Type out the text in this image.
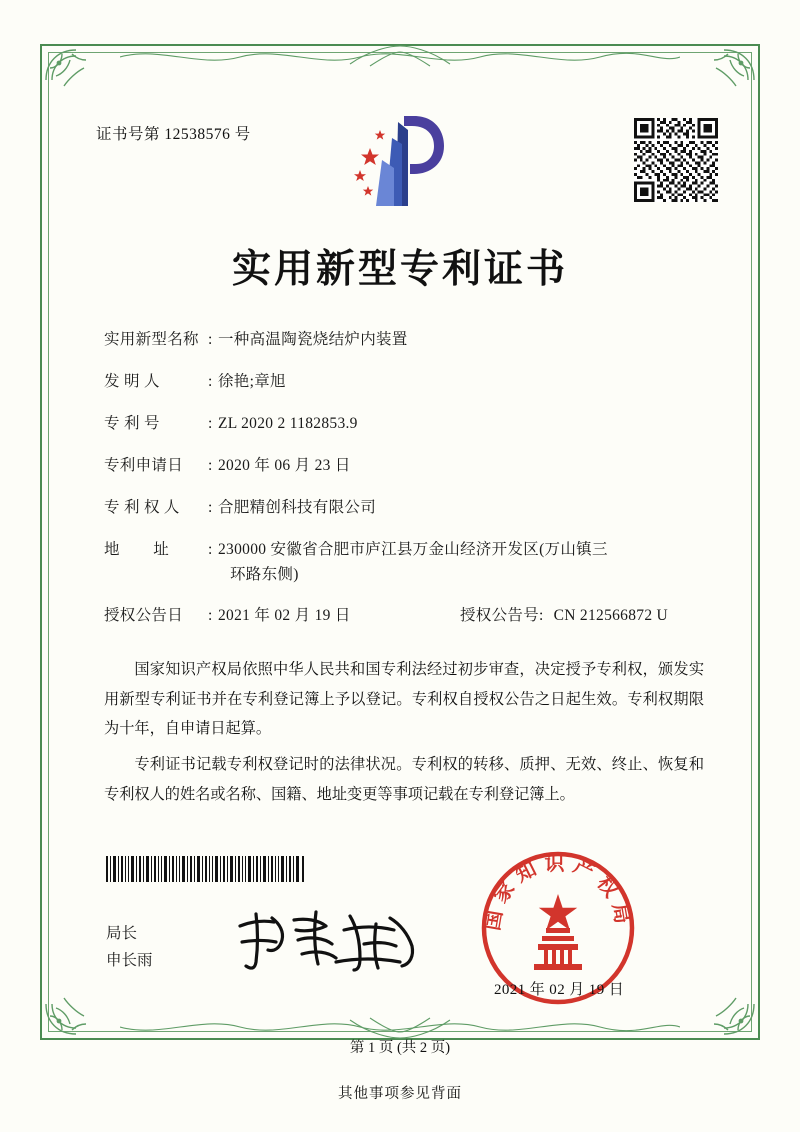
证书号第 12538576 号
实用新型专利证书
实用新型名称 : 一种高温陶瓷烧结炉内装置
发 明 人	: 徐艳;章旭
专 利 号	: ZL 2020 2 1182853.9
专利申请日	: 2020 年 06 月 23 日
专 利 权 人	: 合肥精创科技有限公司
地        址	: 230000 安徽省合肥市庐江县万金山经济开发区(万山镇三
环路东侧)
授权公告日	: 2021 年 02 月 19 日	授权公告号: CN 212566872 U

国家知识产权局依照中华人民共和国专利法经过初步审查，决定授予专利权，颁发实用新型专利证书并在专利登记簿上予以登记。专利权自授权公告之日起生效。专利权期限为十年，自申请日起算。

专利证书记载专利权登记时的法律状况。专利权的转移、质押、无效、终止、恢复和专利权人的姓名或名称、国籍、地址变更等事项记载在专利登记簿上。

局长
申长雨
国家知识产权局
2021 年 02 月 19 日
第 1 页 (共 2 页)
其他事项参见背面
